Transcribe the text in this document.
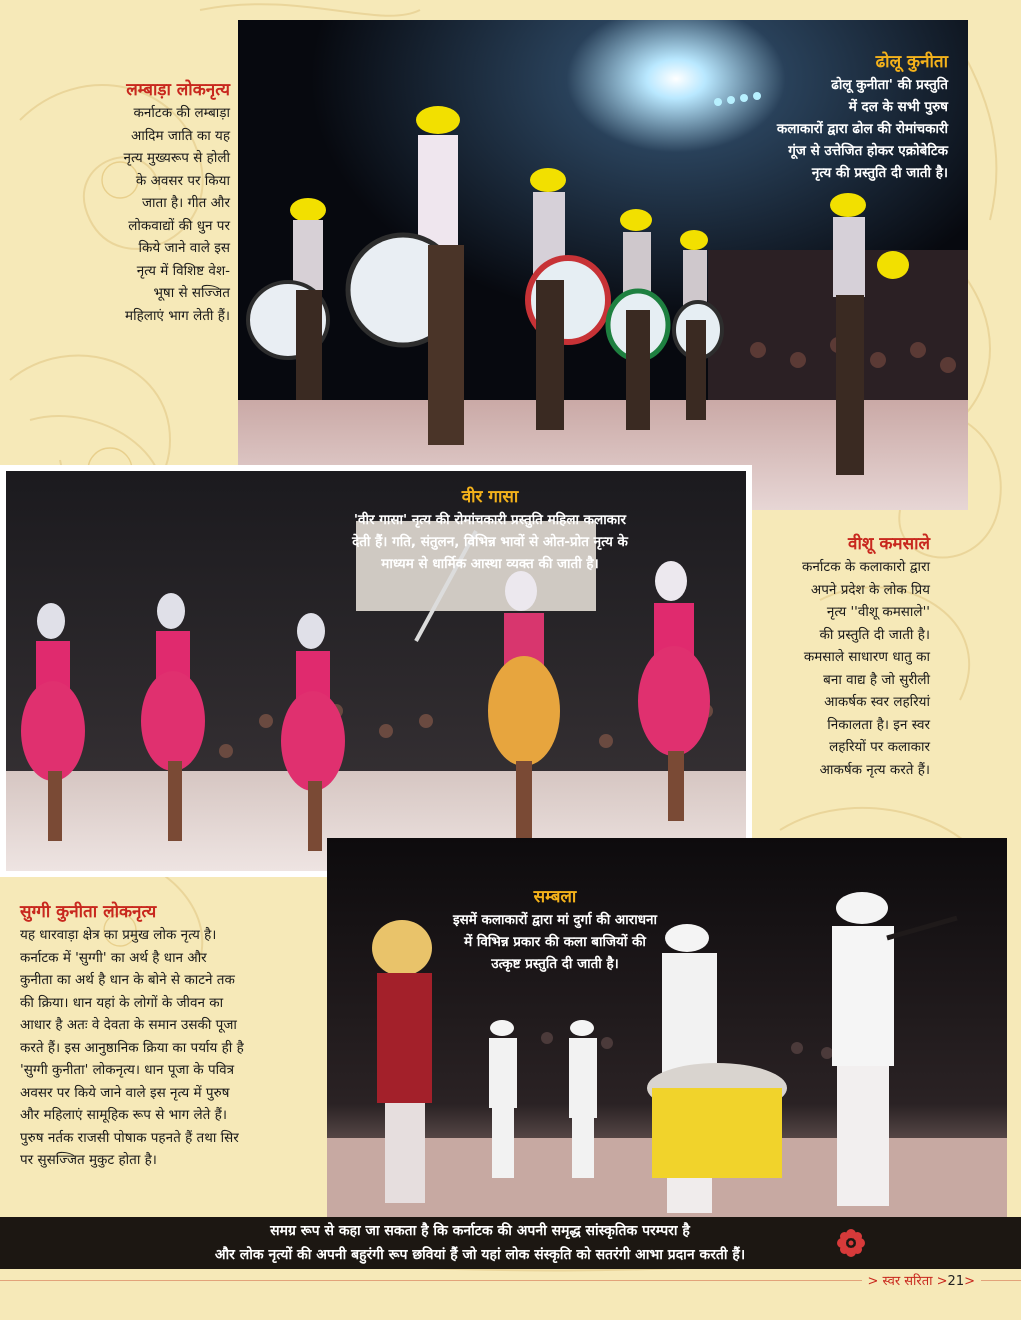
ढोलू कुनीता
ढोलू कुनीता' की प्रस्तुति
में दल के सभी पुरुष
कलाकारों द्वारा ढोल की रोमांचकारी
गूंज से उत्तेजित होकर एक्रोबेटिक
नृत्य की प्रस्तुति दी जाती है।
लम्बाड़ा लोकनृत्य
कर्नाटक की लम्बाड़ा
आदिम जाति का यह
नृत्य मुख्यरूप से होली
के अवसर पर किया
जाता है। गीत और
लोकवाद्यों की धुन पर
किये जाने वाले इस
नृत्य में विशिष्ट वेश-
भूषा से सज्जित
महिलाएं भाग लेती हैं।
वीर गासा
'वीर गासा' नृत्य की रोमांचकारी प्रस्तुति महिला कलाकार
देती हैं। गति, संतुलन, विभिन्न भावों से ओत-प्रोत नृत्य के
माध्यम से धार्मिक आस्था व्यक्त की जाती है।
वीशू कमसाले
कर्नाटक के कलाकारो द्वारा
अपने प्रदेश के लोक प्रिय
नृत्य ''वीशू कमसाले''
की प्रस्तुति दी जाती है।
कमसाले साधारण धातु का
बना वाद्य है जो सुरीली
आकर्षक स्वर लहरियां
निकालता है। इन स्वर
लहरियों पर कलाकार
आकर्षक नृत्य करते हैं।
सम्बला
इसमें कलाकारों द्वारा मां दुर्गा की आराधना
में विभिन्न प्रकार की कला बाजियों की
उत्कृष्ट प्रस्तुति दी जाती है।
सुग्गी कुनीता लोकनृत्य
यह धारवाड़ा क्षेत्र का प्रमुख लोक नृत्य है।
कर्नाटक में 'सुग्गी' का अर्थ है धान और
कुनीता का अर्थ है धान के बोने से काटने तक
की क्रिया। धान यहां के लोगों के जीवन का
आधार है अतः वे देवता के समान उसकी पूजा
करते हैं। इस आनुष्ठानिक क्रिया का पर्याय ही है
'सुग्गी कुनीता' लोकनृत्य। धान पूजा के पवित्र
अवसर पर किये जाने वाले इस नृत्य में पुरुष
और महिलाएं सामूहिक रूप से भाग लेते हैं।
पुरुष नर्तक राजसी पोषाक पहनते हैं तथा सिर
पर सुसज्जित मुकुट होता है।
समग्र रूप से कहा जा सकता है कि कर्नाटक की अपनी समृद्ध सांस्कृतिक परम्परा है
और लोक नृत्यों की अपनी बहुरंगी रूप छवियां हैं जो यहां लोक संस्कृति को सतरंगी आभा प्रदान करती हैं।
> स्वर सरिता >21>
